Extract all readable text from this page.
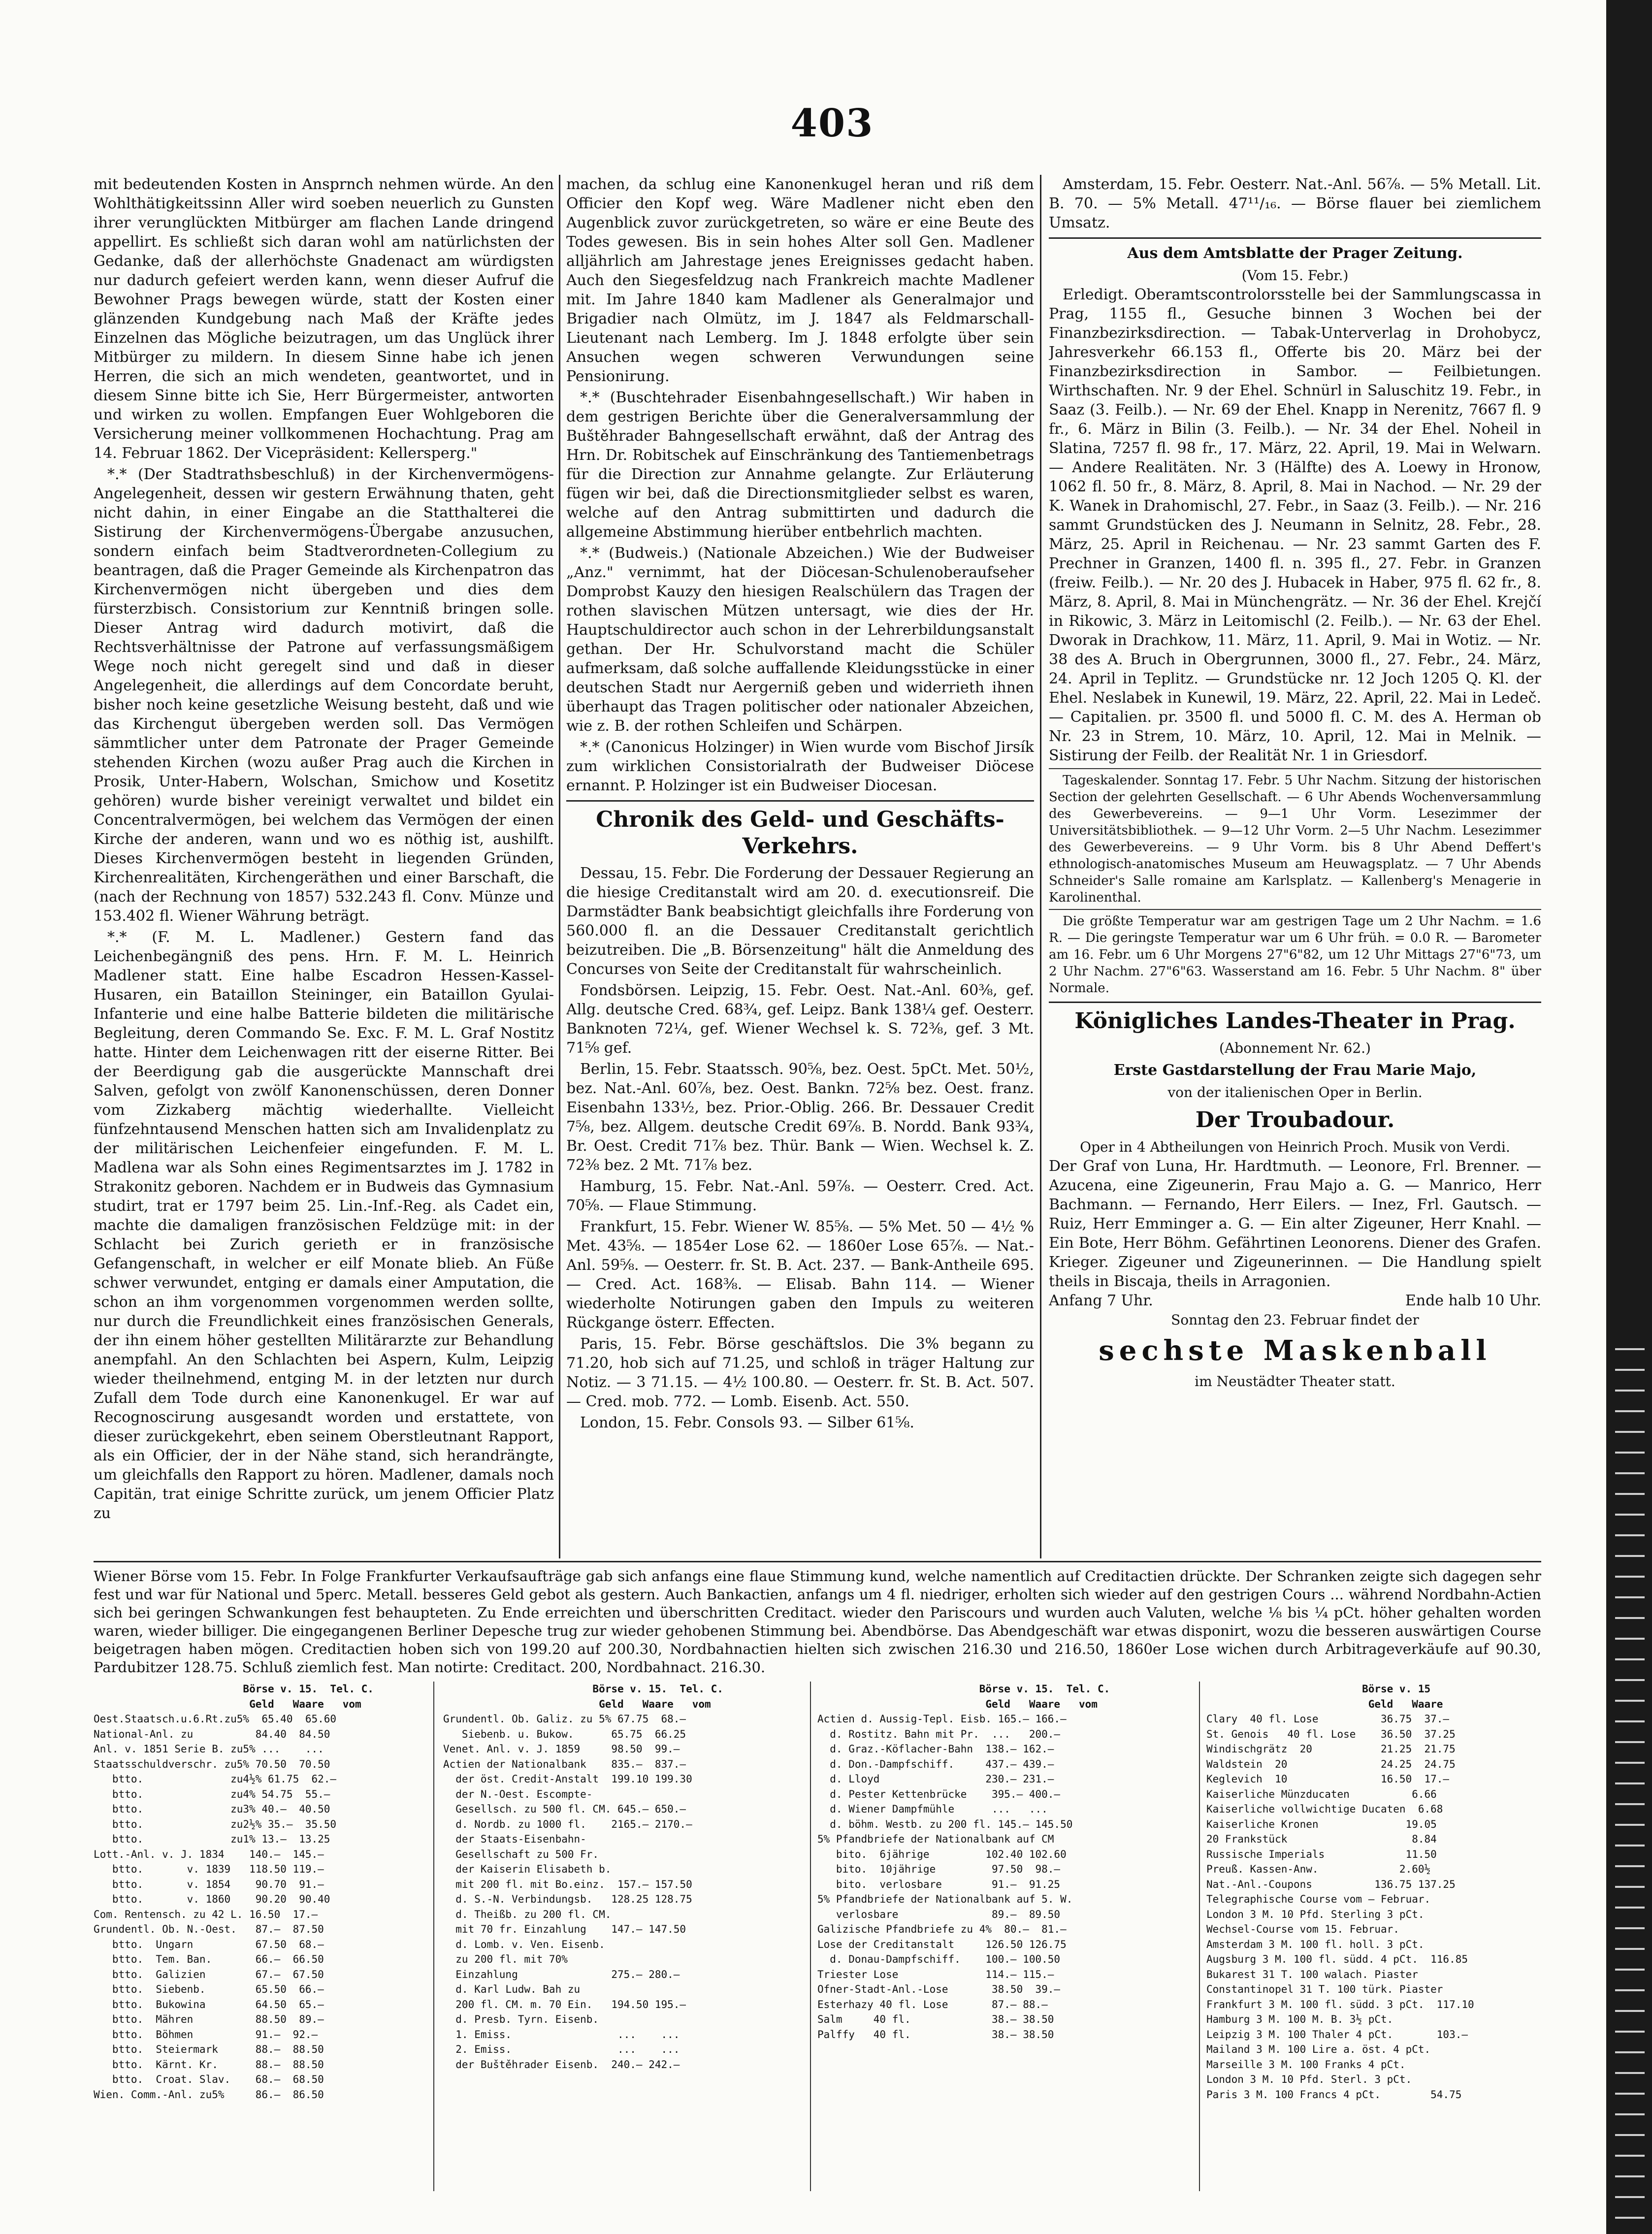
403

mit bedeutenden Kosten in Ansprnch nehmen würde. An den Wohlthätigkeitssinn Aller wird soeben neuerlich zu Gunsten ihrer verunglückten Mitbürger am flachen Lande dringend appellirt. Es schließt sich daran wohl am natürlichsten der Gedanke, daß der allerhöchste Gnadenact am würdigsten nur dadurch gefeiert werden kann, wenn dieser Aufruf die Bewohner Prags bewegen würde, statt der Kosten einer glänzenden Kundgebung nach Maß der Kräfte jedes Einzelnen das Mögliche beizutragen, um das Unglück ihrer Mitbürger zu mildern. In diesem Sinne habe ich jenen Herren, die sich an mich wendeten, geantwortet, und in diesem Sinne bitte ich Sie, Herr Bürgermeister, antworten und wirken zu wollen. Empfangen Euer Wohlgeboren die Versicherung meiner vollkommenen Hochachtung. Prag am 14. Februar 1862. Der Vicepräsident: Kellersperg."

*.* (Der Stadtrathsbeschluß) in der Kirchenvermögens-Angelegenheit, dessen wir gestern Erwähnung thaten, geht nicht dahin, in einer Eingabe an die Statthalterei die Sistirung der Kirchenvermögens-Übergabe anzusuchen, sondern einfach beim Stadtverordneten-Collegium zu beantragen, daß die Prager Gemeinde als Kirchenpatron das Kirchenvermögen nicht übergeben und dies dem fürsterzbisch. Consistorium zur Kenntniß bringen solle. Dieser Antrag wird dadurch motivirt, daß die Rechtsverhältnisse der Patrone auf verfassungsmäßigem Wege noch nicht geregelt sind und daß in dieser Angelegenheit, die allerdings auf dem Concordate beruht, bisher noch keine gesetzliche Weisung besteht, daß und wie das Kirchengut übergeben werden soll. Das Vermögen sämmtlicher unter dem Patronate der Prager Gemeinde stehenden Kirchen (wozu außer Prag auch die Kirchen in Prosik, Unter-Habern, Wolschan, Smichow und Kosetitz gehören) wurde bisher vereinigt verwaltet und bildet ein Concentralvermögen, bei welchem das Vermögen der einen Kirche der anderen, wann und wo es nöthig ist, aushilft. Dieses Kirchenvermögen besteht in liegenden Gründen, Kirchenrealitäten, Kirchengeräthen und einer Barschaft, die (nach der Rechnung von 1857) 532.243 fl. Conv. Münze und 153.402 fl. Wiener Währung beträgt.

*.* (F. M. L. Madlener.) Gestern fand das Leichenbegängniß des pens. Hrn. F. M. L. Heinrich Madlener statt. Eine halbe Escadron Hessen-Kassel-Husaren, ein Bataillon Steininger, ein Bataillon Gyulai-Infanterie und eine halbe Batterie bildeten die militärische Begleitung, deren Commando Se. Exc. F. M. L. Graf Nostitz hatte. Hinter dem Leichenwagen ritt der eiserne Ritter. Bei der Beerdigung gab die ausgerückte Mannschaft drei Salven, gefolgt von zwölf Kanonenschüssen, deren Donner vom Zizkaberg mächtig wiederhallte. Vielleicht fünfzehntausend Menschen hatten sich am Invalidenplatz zu der militärischen Leichenfeier eingefunden. F. M. L. Madlena war als Sohn eines Regimentsarztes im J. 1782 in Strakonitz geboren. Nachdem er in Budweis das Gymnasium studirt, trat er 1797 beim 25. Lin.-Inf.-Reg. als Cadet ein, machte die damaligen französischen Feldzüge mit: in der Schlacht bei Zurich gerieth er in französische Gefangenschaft, in welcher er eilf Monate blieb. An Füße schwer verwundet, entging er damals einer Amputation, die schon an ihm vorgenommen vorgenommen werden sollte, nur durch die Freundlichkeit eines französischen Generals, der ihn einem höher gestellten Militärarzte zur Behandlung anempfahl. An den Schlachten bei Aspern, Kulm, Leipzig wieder theilnehmend, entging M. in der letzten nur durch Zufall dem Tode durch eine Kanonenkugel. Er war auf Recognoscirung ausgesandt worden und erstattete, von dieser zurückgekehrt, eben seinem Oberstleutnant Rapport, als ein Officier, der in der Nähe stand, sich herandrängte, um gleichfalls den Rapport zu hören. Madlener, damals noch Capitän, trat einige Schritte zurück, um jenem Officier Platz zu

machen, da schlug eine Kanonenkugel heran und riß dem Officier den Kopf weg. Wäre Madlener nicht eben den Augenblick zuvor zurückgetreten, so wäre er eine Beute des Todes gewesen. Bis in sein hohes Alter soll Gen. Madlener alljährlich am Jahrestage jenes Ereignisses gedacht haben. Auch den Siegesfeldzug nach Frankreich machte Madlener mit. Im Jahre 1840 kam Madlener als Generalmajor und Brigadier nach Olmütz, im J. 1847 als Feldmarschall-Lieutenant nach Lemberg. Im J. 1848 erfolgte über sein Ansuchen wegen schweren Verwundungen seine Pensionirung.

*.* (Buschtehrader Eisenbahngesellschaft.) Wir haben in dem gestrigen Berichte über die Generalversammlung der Buštěhrader Bahngesellschaft erwähnt, daß der Antrag des Hrn. Dr. Robitschek auf Einschränkung des Tantiemenbetrags für die Direction zur Annahme gelangte. Zur Erläuterung fügen wir bei, daß die Directionsmitglieder selbst es waren, welche auf den Antrag submittirten und dadurch die allgemeine Abstimmung hierüber entbehrlich machten.

*.* (Budweis.) (Nationale Abzeichen.) Wie der Budweiser „Anz." vernimmt, hat der Diöcesan-Schulenoberaufseher Domprobst Kauzy den hiesigen Realschülern das Tragen der rothen slavischen Mützen untersagt, wie dies der Hr. Hauptschuldirector auch schon in der Lehrerbildungsanstalt gethan. Der Hr. Schulvorstand macht die Schüler aufmerksam, daß solche auffallende Kleidungsstücke in einer deutschen Stadt nur Aergerniß geben und widerrieth ihnen überhaupt das Tragen politischer oder nationaler Abzeichen, wie z. B. der rothen Schleifen und Schärpen.

*.* (Canonicus Holzinger) in Wien wurde vom Bischof Jirsík zum wirklichen Consistorialrath der Budweiser Diöcese ernannt. P. Holzinger ist ein Budweiser Diocesan.

Chronik des Geld- und Geschäfts-Verkehrs.

Dessau, 15. Febr. Die Forderung der Dessauer Regierung an die hiesige Creditanstalt wird am 20. d. executionsreif. Die Darmstädter Bank beabsichtigt gleichfalls ihre Forderung von 560.000 fl. an die Dessauer Creditanstalt gerichtlich beizutreiben. Die „B. Börsenzeitung" hält die Anmeldung des Concurses von Seite der Creditanstalt für wahrscheinlich.

Fondsbörsen. Leipzig, 15. Febr. Oest. Nat.-Anl. 60⅜, gef. Allg. deutsche Cred. 68¾, gef. Leipz. Bank 138¼ gef. Oesterr. Banknoten 72¼, gef. Wiener Wechsel k. S. 72⅜, gef. 3 Mt. 71⅝ gef.

Berlin, 15. Febr. Staatssch. 90⅝, bez. Oest. 5pCt. Met. 50½, bez. Nat.-Anl. 60⅞, bez. Oest. Bankn. 72⅝ bez. Oest. franz. Eisenbahn 133½, bez. Prior.-Oblig. 266. Br. Dessauer Credit 7⅝, bez. Allgem. deutsche Credit 69⅞. B. Nordd. Bank 93¾, Br. Oest. Credit 71⅞ bez. Thür. Bank — Wien. Wechsel k. Z. 72⅜ bez. 2 Mt. 71⅞ bez.

Hamburg, 15. Febr. Nat.-Anl. 59⅞. — Oesterr. Cred. Act. 70⅝. — Flaue Stimmung.

Frankfurt, 15. Febr. Wiener W. 85⅝. — 5% Met. 50 — 4½ % Met. 43⅝. — 1854er Lose 62. — 1860er Lose 65⅞. — Nat.-Anl. 59⅝. — Oesterr. fr. St. B. Act. 237. — Bank-Antheile 695. — Cred. Act. 168⅜. — Elisab. Bahn 114. — Wiener wiederholte Notirungen gaben den Impuls zu weiteren Rückgange österr. Effecten.

Paris, 15. Febr. Börse geschäftslos. Die 3% begann zu 71.20, hob sich auf 71.25, und schloß in träger Haltung zur Notiz. — 3 71.15. — 4½ 100.80. — Oesterr. fr. St. B. Act. 507. — Cred. mob. 772. — Lomb. Eisenb. Act. 550.

London, 15. Febr. Consols 93. — Silber 61⅝.

Amsterdam, 15. Febr. Oesterr. Nat.-Anl. 56⅞. — 5% Metall. Lit. B. 70. — 5% Metall. 47¹¹/₁₆. — Börse flauer bei ziemlichem Umsatz.

Aus dem Amtsblatte der Prager Zeitung.
(Vom 15. Febr.)

Erledigt. Oberamtscontrolorsstelle bei der Sammlungscassa in Prag, 1155 fl., Gesuche binnen 3 Wochen bei der Finanzbezirksdirection. — Tabak-Unterverlag in Drohobycz, Jahresverkehr 66.153 fl., Offerte bis 20. März bei der Finanzbezirksdirection in Sambor. — Feilbietungen. Wirthschaften. Nr. 9 der Ehel. Schnürl in Saluschitz 19. Febr., in Saaz (3. Feilb.). — Nr. 69 der Ehel. Knapp in Nerenitz, 7667 fl. 9 fr., 6. März in Bilin (3. Feilb.). — Nr. 34 der Ehel. Noheil in Slatina, 7257 fl. 98 fr., 17. März, 22. April, 19. Mai in Welwarn. — Andere Realitäten. Nr. 3 (Hälfte) des A. Loewy in Hronow, 1062 fl. 50 fr., 8. März, 8. April, 8. Mai in Nachod. — Nr. 29 der K. Wanek in Drahomischl, 27. Febr., in Saaz (3. Feilb.). — Nr. 216 sammt Grundstücken des J. Neumann in Selnitz, 28. Febr., 28. März, 25. April in Reichenau. — Nr. 23 sammt Garten des F. Prechner in Granzen, 1400 fl. n. 395 fl., 27. Febr. in Granzen (freiw. Feilb.). — Nr. 20 des J. Hubacek in Haber, 975 fl. 62 fr., 8. März, 8. April, 8. Mai in Münchengrätz. — Nr. 36 der Ehel. Krejčí in Rikowic, 3. März in Leitomischl (2. Feilb.). — Nr. 63 der Ehel. Dworak in Drachkow, 11. März, 11. April, 9. Mai in Wotiz. — Nr. 38 des A. Bruch in Obergrunnen, 3000 fl., 27. Febr., 24. März, 24. April in Teplitz. — Grundstücke nr. 12 Joch 1205 Q. Kl. der Ehel. Neslabek in Kunewil, 19. März, 22. April, 22. Mai in Ledeč. — Capitalien. pr. 3500 fl. und 5000 fl. C. M. des A. Herman ob Nr. 23 in Strem, 10. März, 10. April, 12. Mai in Melnik. — Sistirung der Feilb. der Realität Nr. 1 in Griesdorf.

Tageskalender. Sonntag 17. Febr. 5 Uhr Nachm. Sitzung der historischen Section der gelehrten Gesellschaft. — 6 Uhr Abends Wochenversammlung des Gewerbevereins. — 9—1 Uhr Vorm. Lesezimmer der Universitätsbibliothek. — 9—12 Uhr Vorm. 2—5 Uhr Nachm. Lesezimmer des Gewerbevereins. — 9 Uhr Vorm. bis 8 Uhr Abend Deffert's ethnologisch-anatomisches Museum am Heuwagsplatz. — 7 Uhr Abends Schneider's Salle romaine am Karlsplatz. — Kallenberg's Menagerie in Karolinenthal.

Die größte Temperatur war am gestrigen Tage um 2 Uhr Nachm. = 1.6 R. — Die geringste Temperatur war um 6 Uhr früh. = 0.0 R. — Barometer am 16. Febr. um 6 Uhr Morgens 27"6"82, um 12 Uhr Mittags 27"6"73, um 2 Uhr Nachm. 27"6"63. Wasserstand am 16. Febr. 5 Uhr Nachm. 8" über Normale.

Königliches Landes-Theater in Prag.
(Abonnement Nr. 62.)
Erste Gastdarstellung der Frau Marie Majo,
von der italienischen Oper in Berlin.
Der Troubadour.
Oper in 4 Abtheilungen von Heinrich Proch. Musik von Verdi.

Der Graf von Luna, Hr. Hardtmuth. — Leonore, Frl. Brenner. — Azucena, eine Zigeunerin, Frau Majo a. G. — Manrico, Herr Bachmann. — Fernando, Herr Eilers. — Inez, Frl. Gautsch. — Ruiz, Herr Emminger a. G. — Ein alter Zigeuner, Herr Knahl. — Ein Bote, Herr Böhm. Gefährtinen Leonorens. Diener des Grafen. Krieger. Zigeuner und Zigeunerinnen. — Die Handlung spielt theils in Biscaja, theils in Arragonien.

Anfang 7 Uhr.	Ende halb 10 Uhr.
Sonntag den 23. Februar findet der
sechste Maskenball
im Neustädter Theater statt.

Wiener Börse vom 15. Febr. In Folge Frankfurter Verkaufsaufträge gab sich anfangs eine flaue Stimmung kund, welche namentlich auf Creditactien drückte. Der Schranken zeigte sich dagegen sehr fest und war für National und 5perc. Metall. besseres Geld gebot als gestern. Auch Bankactien, anfangs um 4 fl. niedriger, erholten sich wieder auf den gestrigen Cours ... während Nordbahn-Actien sich bei geringen Schwankungen fest behaupteten. Zu Ende erreichten und überschritten Creditact. wieder den Pariscours und wurden auch Valuten, welche ⅛ bis ¼ pCt. höher gehalten worden waren, wieder billiger. Die eingegangenen Berliner Depesche trug zur wieder gehobenen Stimmung bei. Abendbörse. Das Abendgeschäft war etwas disponirt, wozu die besseren auswärtigen Course beigetragen haben mögen. Creditactien hoben sich von 199.20 auf 200.30, Nordbahnactien hielten sich zwischen 216.30 und 216.50, 1860er Lose wichen durch Arbitrageverkäufe auf 90.30, Pardubitzer 128.75. Schluß ziemlich fest. Man notirte: Creditact. 200, Nordbahnact. 216.30.

Börse v. 15.  Tel. C.
Geld   Waare   vom
Oest.Staatsch.u.6.Rt.zu5%  65.40  65.60
National-Anl. zu          84.40  84.50
Anl. v. 1851 Serie B. zu5% ...    ...
Staatsschuldverschr. zu5% 70.50  70.50
btto.              zu4½% 61.75  62.—
btto.              zu4% 54.75  55.—
btto.              zu3% 40.—  40.50
btto.              zu2½% 35.—  35.50
btto.              zu1% 13.—  13.25
Lott.-Anl. v. J. 1834    140.—  145.—
btto.       v. 1839   118.50 119.—
btto.       v. 1854    90.70  91.—
btto.       v. 1860    90.20  90.40
Com. Rentensch. zu 42 L. 16.50  17.—
Grundentl. Ob. N.-Oest.   87.—  87.50
btto.  Ungarn          67.50  68.—
btto.  Tem. Ban.       66.—  66.50
btto.  Galizien        67.—  67.50
btto.  Siebenb.        65.50  66.—
btto.  Bukowina        64.50  65.—
btto.  Mähren          88.50  89.—
btto.  Böhmen          91.—  92.—
btto.  Steiermark      88.—  88.50
btto.  Kärnt. Kr.      88.—  88.50
btto.  Croat. Slav.    68.—  68.50
Wien. Comm.-Anl. zu5%     86.—  86.50
Börse v. 15.  Tel. C.
Geld   Waare   vom
Grundentl. Ob. Galiz. zu 5% 67.75  68.—
Siebenb. u. Bukow.      65.75  66.25
Venet. Anl. v. J. 1859     98.50  99.—
Actien der Nationalbank    835.—  837.—
der öst. Credit-Anstalt  199.10 199.30
der N.-Oest. Escompte-
Gesellsch. zu 500 fl. CM. 645.— 650.—
d. Nordb. zu 1000 fl.    2165.— 2170.—
der Staats-Eisenbahn-
Gesellschaft zu 500 Fr.
der Kaiserin Elisabeth b.
mit 200 fl. mit Bo.einz.  157.— 157.50
d. S.-N. Verbindungsb.   128.25 128.75
d. Theißb. zu 200 fl. CM.
mit 70 fr. Einzahlung    147.— 147.50
d. Lomb. v. Ven. Eisenb.
zu 200 fl. mit 70%
Einzahlung               275.— 280.—
d. Karl Ludw. Bah zu
200 fl. CM. m. 70 Ein.   194.50 195.—
d. Presb. Tyrn. Eisenb.
1. Emiss.                 ...    ...
2. Emiss.                 ...    ...
der Buštěhrader Eisenb.  240.— 242.—
Börse v. 15.  Tel. C.
Geld   Waare   vom
Actien d. Aussig-Tepl. Eisb. 165.— 166.—
d. Rostitz. Bahn mit Pr.  ...   200.—
d. Graz.-Köflacher-Bahn  138.— 162.—
d. Don.-Dampfschiff.     437.— 439.—
d. Lloyd                 230.— 231.—
d. Pester Kettenbrücke    395.— 400.—
d. Wiener Dampfmühle      ...   ...
d. böhm. Westb. zu 200 fl. 145.— 145.50
5% Pfandbriefe der Nationalbank auf CM
bito.  6jährige         102.40 102.60
bito.  10jährige         97.50  98.—
bito.  verlosbare        91.—  91.25
5% Pfandbriefe der Nationalbank auf 5. W.
verlosbare               89.—  89.50
Galizische Pfandbriefe zu 4%  80.—  81.—
Lose der Creditanstalt     126.50 126.75
d. Donau-Dampfschiff.    100.— 100.50
Triester Lose              114.— 115.—
Ofner-Stadt-Anl.-Lose       38.50  39.—
Esterhazy 40 fl. Lose       87.— 88.—
Salm     40 fl.             38.— 38.50
Palffy   40 fl.             38.— 38.50
Börse v. 15
Geld   Waare
Clary  40 fl. Lose          36.75  37.—
St. Genois   40 fl. Lose    36.50  37.25
Windischgrätz  20           21.25  21.75
Waldstein  20               24.25  24.75
Keglevich  10               16.50  17.—
Kaiserliche Münzducaten          6.66
Kaiserliche vollwichtige Ducaten  6.68
Kaiserliche Kronen              19.05
20 Frankstück                    8.84
Russische Imperials             11.50
Preuß. Kassen-Anw.             2.60½
Nat.-Anl.-Coupons          136.75 137.25
Telegraphische Course vom — Februar.
London 3 M. 10 Pfd. Sterling 3 pCt.
Wechsel-Course vom 15. Februar.
Amsterdam 3 M. 100 fl. holl. 3 pCt.
Augsburg 3 M. 100 fl. südd. 4 pCt.  116.85
Bukarest 31 T. 100 walach. Piaster
Constantinopel 31 T. 100 türk. Piaster
Frankfurt 3 M. 100 fl. südd. 3 pCt.  117.10
Hamburg 3 M. 100 M. B. 3½ pCt.
Leipzig 3 M. 100 Thaler 4 pCt.       103.—
Mailand 3 M. 100 Lire a. öst. 4 pCt.
Marseille 3 M. 100 Franks 4 pCt.
London 3 M. 10 Pfd. Sterl. 3 pCt.
Paris 3 M. 100 Francs 4 pCt.        54.75
